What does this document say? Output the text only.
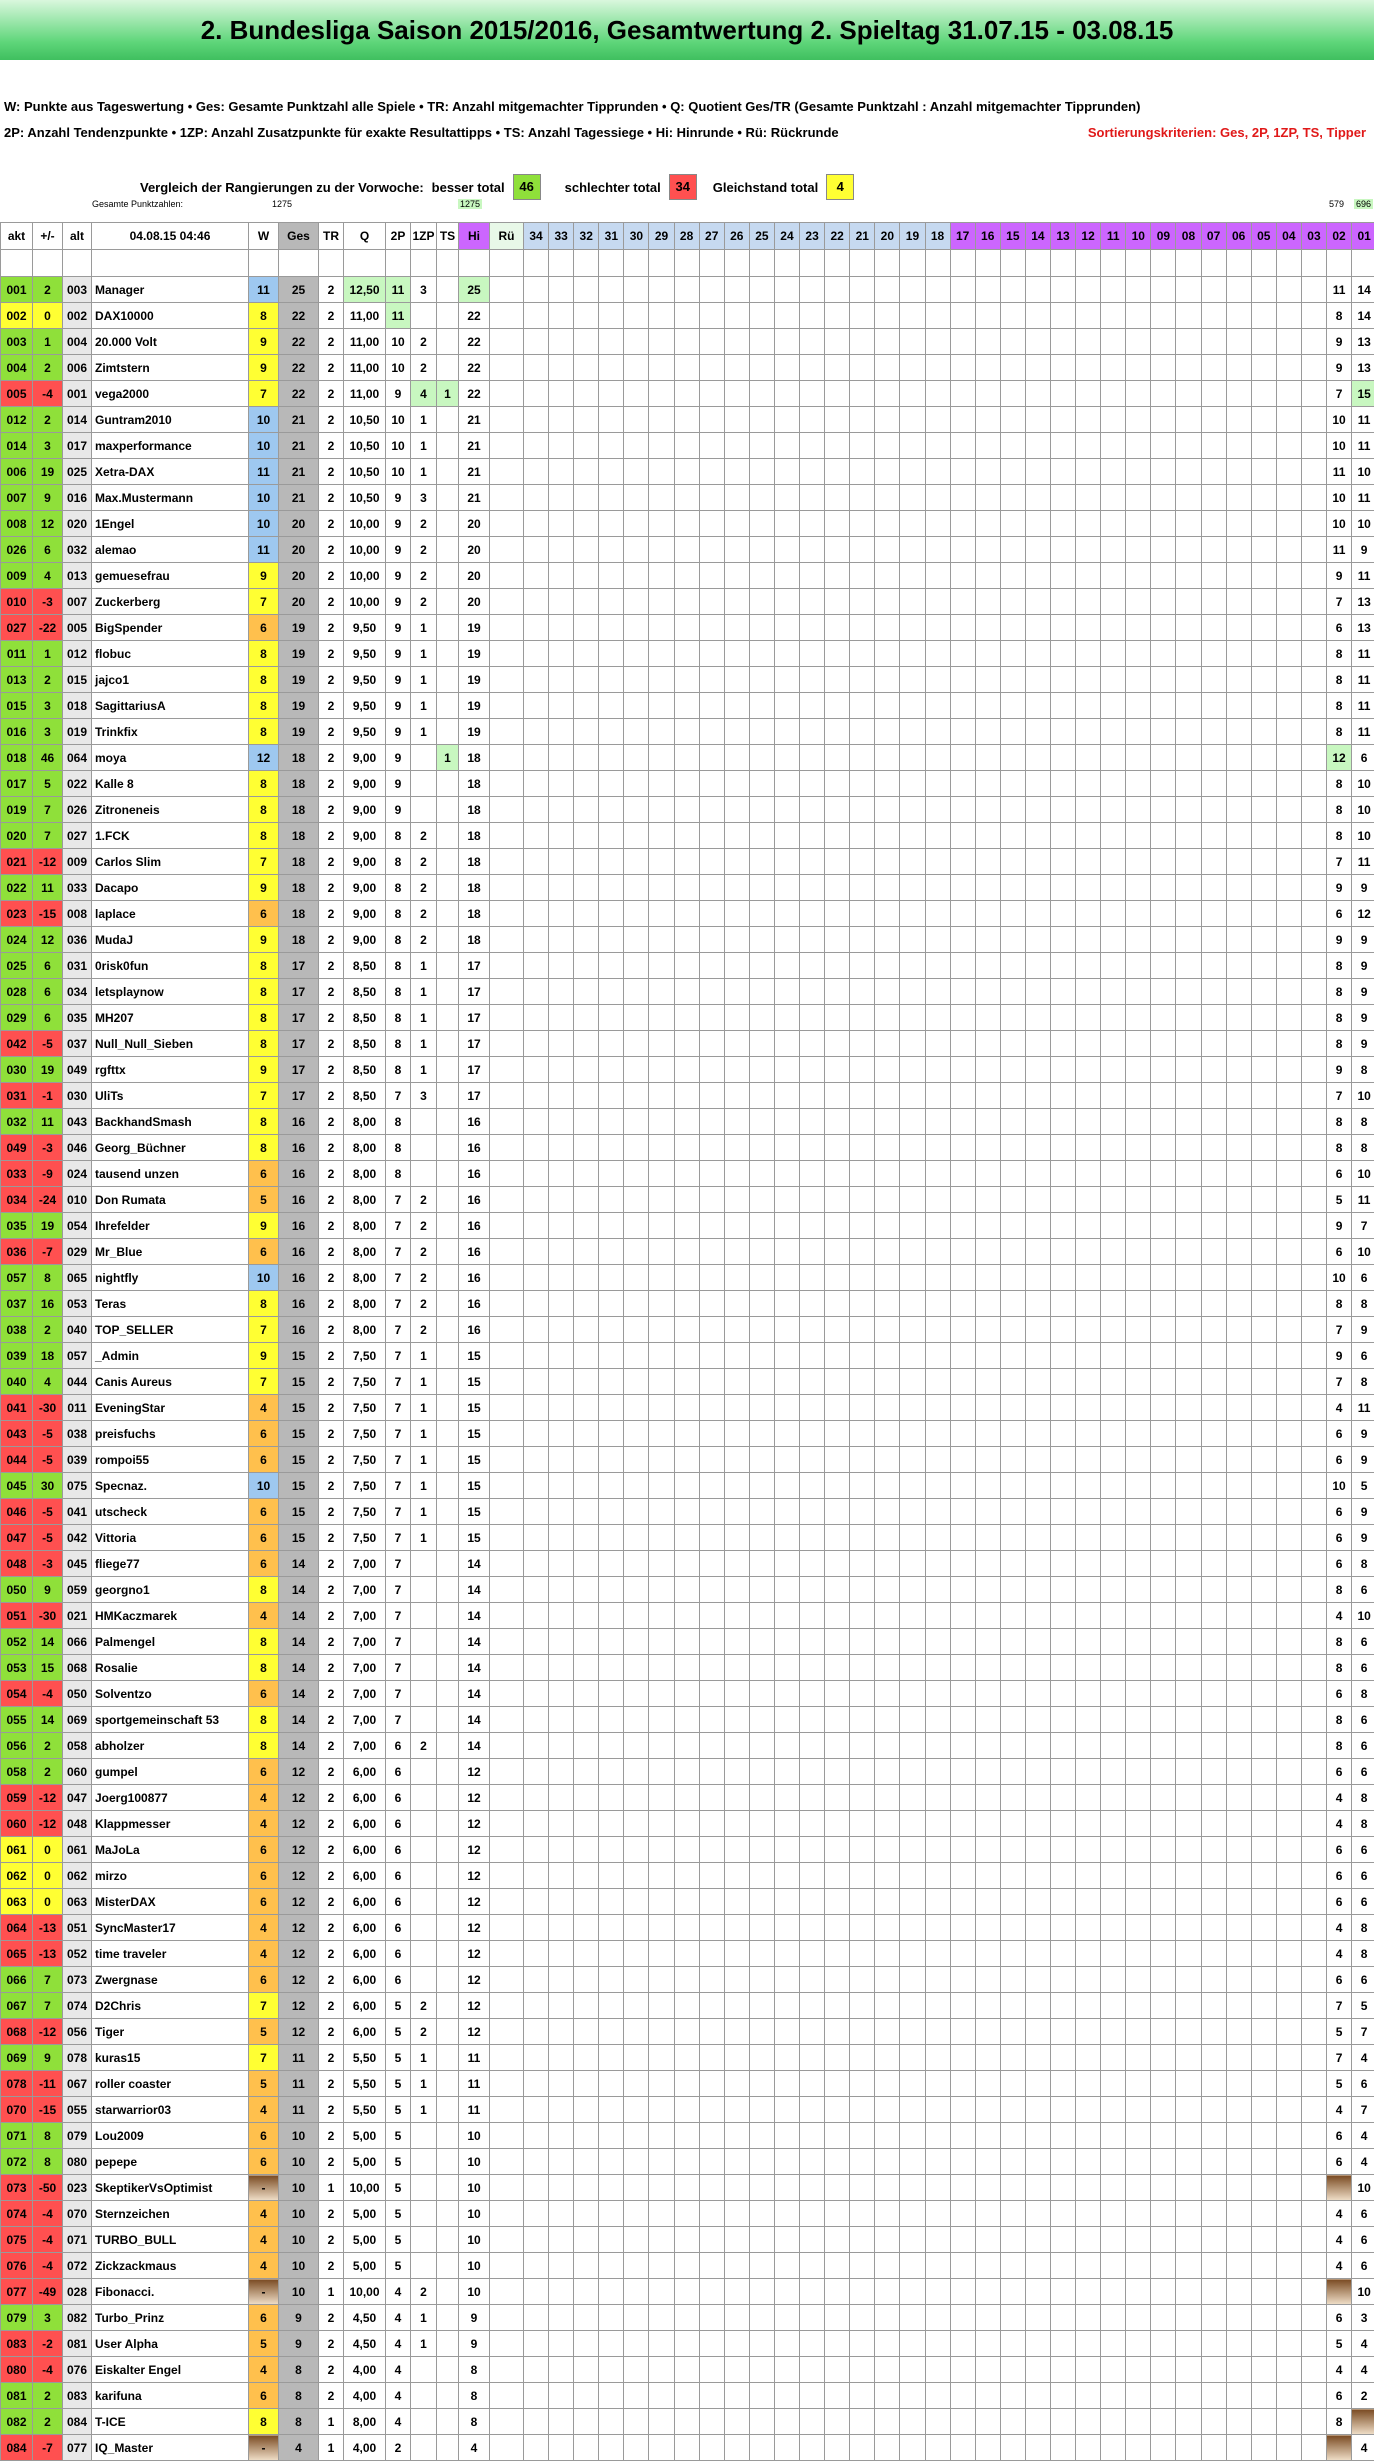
2. Bundesliga Saison 2015/2016, Gesamtwertung 2. Spieltag 31.07.15 - 03.08.15
W: Punkte aus Tageswertung • Ges: Gesamte Punktzahl alle Spiele • TR: Anzahl mitgemachter Tipprunden • Q: Quotient Ges/TR (Gesamte Punktzahl : Anzahl mitgemachter Tipprunden)
2P: Anzahl Tendenzpunkte • 1ZP: Anzahl Zusatzpunkte für exakte Resultattipps • TS: Anzahl Tagessiege • Hi: Hinrunde • Rü: Rückrunde	Sortierungskriterien: Ges, 2P, 1ZP, TS, Tipper
Vergleich der Rangierungen zu der Vorwoche: besser total	46	schlechter total	34	Gleichstand total	4
Gesamte Punktzahlen:	1275	1275	579 696
akt	+/-	alt	04.08.15 04:46	W	Ges	TR	Q	2P	1ZP	TS	Hi	Rü	34	33	32	31	30	29	28	27	26	25	24	23	22	21	20	19	18	17	16	15	14	13	12	11	10	09	08	07	06	05	04	03	02	01

001	2	003	Manager	11	25	2	12,50	11	3		25																																		11	14
002	0	002	DAX10000	8	22	2	11,00	11			22																																		8	14
003	1	004	20.000 Volt	9	22	2	11,00	10	2		22																																		9	13
004	2	006	Zimtstern	9	22	2	11,00	10	2		22																																		9	13
005	-4	001	vega2000	7	22	2	11,00	9	4	1	22																																		7	15
012	2	014	Guntram2010	10	21	2	10,50	10	1		21																																		10	11
014	3	017	maxperformance	10	21	2	10,50	10	1		21																																		10	11
006	19	025	Xetra-DAX	11	21	2	10,50	10	1		21																																		11	10
007	9	016	Max.Mustermann	10	21	2	10,50	9	3		21																																		10	11
008	12	020	1Engel	10	20	2	10,00	9	2		20																																		10	10
026	6	032	alemao	11	20	2	10,00	9	2		20																																		11	9
009	4	013	gemuesefrau	9	20	2	10,00	9	2		20																																		9	11
010	-3	007	Zuckerberg	7	20	2	10,00	9	2		20																																		7	13
027	-22	005	BigSpender	6	19	2	9,50	9	1		19																																		6	13
011	1	012	flobuc	8	19	2	9,50	9	1		19																																		8	11
013	2	015	jajco1	8	19	2	9,50	9	1		19																																		8	11
015	3	018	SagittariusA	8	19	2	9,50	9	1		19																																		8	11
016	3	019	Trinkfix	8	19	2	9,50	9	1		19																																		8	11
018	46	064	moya	12	18	2	9,00	9		1	18																																		12	6
017	5	022	Kalle 8	8	18	2	9,00	9			18																																		8	10
019	7	026	Zitroneneis	8	18	2	9,00	9			18																																		8	10
020	7	027	1.FCK	8	18	2	9,00	8	2		18																																		8	10
021	-12	009	Carlos Slim	7	18	2	9,00	8	2		18																																		7	11
022	11	033	Dacapo	9	18	2	9,00	8	2		18																																		9	9
023	-15	008	laplace	6	18	2	9,00	8	2		18																																		6	12
024	12	036	MudaJ	9	18	2	9,00	8	2		18																																		9	9
025	6	031	0risk0fun	8	17	2	8,50	8	1		17																																		8	9
028	6	034	letsplaynow	8	17	2	8,50	8	1		17																																		8	9
029	6	035	MH207	8	17	2	8,50	8	1		17																																		8	9
042	-5	037	Null_Null_Sieben	8	17	2	8,50	8	1		17																																		8	9
030	19	049	rgfttx	9	17	2	8,50	8	1		17																																		9	8
031	-1	030	UliTs	7	17	2	8,50	7	3		17																																		7	10
032	11	043	BackhandSmash	8	16	2	8,00	8			16																																		8	8
049	-3	046	Georg_Büchner	8	16	2	8,00	8			16																																		8	8
033	-9	024	tausend unzen	6	16	2	8,00	8			16																																		6	10
034	-24	010	Don Rumata	5	16	2	8,00	7	2		16																																		5	11
035	19	054	Ihrefelder	9	16	2	8,00	7	2		16																																		9	7
036	-7	029	Mr_Blue	6	16	2	8,00	7	2		16																																		6	10
057	8	065	nightfly	10	16	2	8,00	7	2		16																																		10	6
037	16	053	Teras	8	16	2	8,00	7	2		16																																		8	8
038	2	040	TOP_SELLER	7	16	2	8,00	7	2		16																																		7	9
039	18	057	_Admin	9	15	2	7,50	7	1		15																																		9	6
040	4	044	Canis Aureus	7	15	2	7,50	7	1		15																																		7	8
041	-30	011	EveningStar	4	15	2	7,50	7	1		15																																		4	11
043	-5	038	preisfuchs	6	15	2	7,50	7	1		15																																		6	9
044	-5	039	rompoi55	6	15	2	7,50	7	1		15																																		6	9
045	30	075	Specnaz.	10	15	2	7,50	7	1		15																																		10	5
046	-5	041	utscheck	6	15	2	7,50	7	1		15																																		6	9
047	-5	042	Vittoria	6	15	2	7,50	7	1		15																																		6	9
048	-3	045	fliege77	6	14	2	7,00	7			14																																		6	8
050	9	059	georgno1	8	14	2	7,00	7			14																																		8	6
051	-30	021	HMKaczmarek	4	14	2	7,00	7			14																																		4	10
052	14	066	Palmengel	8	14	2	7,00	7			14																																		8	6
053	15	068	Rosalie	8	14	2	7,00	7			14																																		8	6
054	-4	050	Solventzo	6	14	2	7,00	7			14																																		6	8
055	14	069	sportgemeinschaft 53	8	14	2	7,00	7			14																																		8	6
056	2	058	abholzer	8	14	2	7,00	6	2		14																																		8	6
058	2	060	gumpel	6	12	2	6,00	6			12																																		6	6
059	-12	047	Joerg100877	4	12	2	6,00	6			12																																		4	8
060	-12	048	Klappmesser	4	12	2	6,00	6			12																																		4	8
061	0	061	MaJoLa	6	12	2	6,00	6			12																																		6	6
062	0	062	mirzo	6	12	2	6,00	6			12																																		6	6
063	0	063	MisterDAX	6	12	2	6,00	6			12																																		6	6
064	-13	051	SyncMaster17	4	12	2	6,00	6			12																																		4	8
065	-13	052	time traveler	4	12	2	6,00	6			12																																		4	8
066	7	073	Zwergnase	6	12	2	6,00	6			12																																		6	6
067	7	074	D2Chris	7	12	2	6,00	5	2		12																																		7	5
068	-12	056	Tiger	5	12	2	6,00	5	2		12																																		5	7
069	9	078	kuras15	7	11	2	5,50	5	1		11																																		7	4
078	-11	067	roller coaster	5	11	2	5,50	5	1		11																																		5	6
070	-15	055	starwarrior03	4	11	2	5,50	5	1		11																																		4	7
071	8	079	Lou2009	6	10	2	5,00	5			10																																		6	4
072	8	080	pepepe	6	10	2	5,00	5			10																																		6	4
073	-50	023	SkeptikerVsOptimist	-	10	1	10,00	5			10																																			10
074	-4	070	Sternzeichen	4	10	2	5,00	5			10																																		4	6
075	-4	071	TURBO_BULL	4	10	2	5,00	5			10																																		4	6
076	-4	072	Zickzackmaus	4	10	2	5,00	5			10																																		4	6
077	-49	028	Fibonacci.	-	10	1	10,00	4	2		10																																			10
079	3	082	Turbo_Prinz	6	9	2	4,50	4	1		9																																		6	3
083	-2	081	User Alpha	5	9	2	4,50	4	1		9																																		5	4
080	-4	076	Eiskalter Engel	4	8	2	4,00	4			8																																		4	4
081	2	083	karifuna	6	8	2	4,00	4			8																																		6	2
082	2	084	T-ICE	8	8	1	8,00	4			8																																		8	
084	-7	077	IQ_Master	-	4	1	4,00	2			4																																			4
